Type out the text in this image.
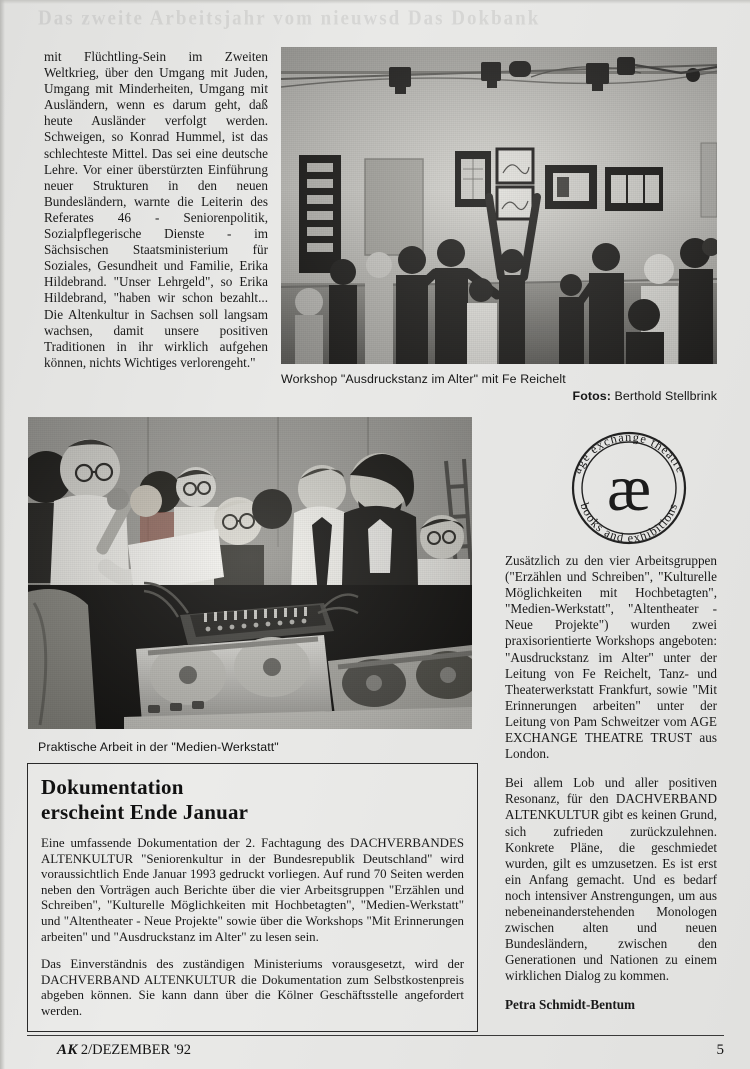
Das zweite Arbeitsjahr vom nieuwsd Das Dokbank
mit Flüchtling-Sein im Zweiten Weltkrieg, über den Umgang mit Juden, Umgang mit Minderheiten, Umgang mit Ausländern, wenn es darum geht, daß heute Ausländer verfolgt werden. Schweigen, so Konrad Hummel, ist das schlechteste Mittel. Das sei eine deutsche Lehre. Vor einer überstürzten Einführung neuer Strukturen in den neuen Bundesländern, warnte die Leiterin des Referates 46 - Seniorenpolitik, Sozialpflegerische Dienste - im Sächsischen Staatsministerium für Soziales, Gesundheit und Familie, Erika Hildebrand. "Unser Lehrgeld", so Erika Hildebrand, "haben wir schon bezahlt... Die Altenkultur in Sachsen soll langsam wachsen, damit unsere positiven Traditionen in ihr wirklich aufgehen können, nichts Wichtiges verlorengeht."
Workshop "Ausdruckstanz im Alter" mit Fe Reichelt
Fotos: Berthold Stellbrink
Praktische Arbeit in der "Medien-Werkstatt"
· age exchange theatre ·
books and exhibitions
æ

Zusätzlich zu den vier Arbeitsgruppen ("Erzählen und Schreiben", "Kulturelle Möglichkeiten mit Hochbetagten", "Medien-Werkstatt", "Altentheater - Neue Projekte") wurden zwei praxisorientierte Workshops angeboten: "Ausdruckstanz im Alter" unter der Leitung von Fe Reichelt, Tanz- und Theaterwerkstatt Frankfurt, sowie "Mit Erinnerungen arbeiten" unter der Leitung von Pam Schweitzer vom AGE EXCHANGE THEATRE TRUST aus London.

Bei allem Lob und aller positiven Resonanz, für den DACHVERBAND ALTENKULTUR gibt es keinen Grund, sich zufrieden zurückzulehnen. Konkrete Pläne, die geschmiedet wurden, gilt es umzusetzen. Es ist erst ein Anfang gemacht. Und es bedarf noch intensiver Anstrengungen, um aus nebeneinanderstehenden Monologen zwischen alten und neuen Bundesländern, zwischen den Generationen und Nationen zu einem wirklichen Dialog zu kommen.

Petra Schmidt-Bentum

Dokumentation
erscheint Ende Januar

Eine umfassende Dokumentation der 2. Fachtagung des DACHVERBANDES ALTENKULTUR "Seniorenkultur in der Bundesrepublik Deutschland" wird voraussichtlich Ende Januar 1993 gedruckt vorliegen. Auf rund 70 Seiten werden neben den Vorträgen auch Berichte über die vier Arbeitsgruppen "Erzählen und Schreiben", "Kulturelle Möglichkeiten mit Hochbetagten", "Medien-Werkstatt" und "Altentheater - Neue Projekte" sowie über die Workshops "Mit Erinnerungen arbeiten" und "Ausdruckstanz im Alter" zu lesen sein.

Das Einverständnis des zuständigen Ministeriums vorausgesetzt, wird der DACHVERBAND ALTENKULTUR die Dokumentation zum Selbstkostenpreis abgeben können. Sie kann dann über die Kölner Geschäftsstelle angefordert werden.

AK 2/DEZEMBER '92	5
